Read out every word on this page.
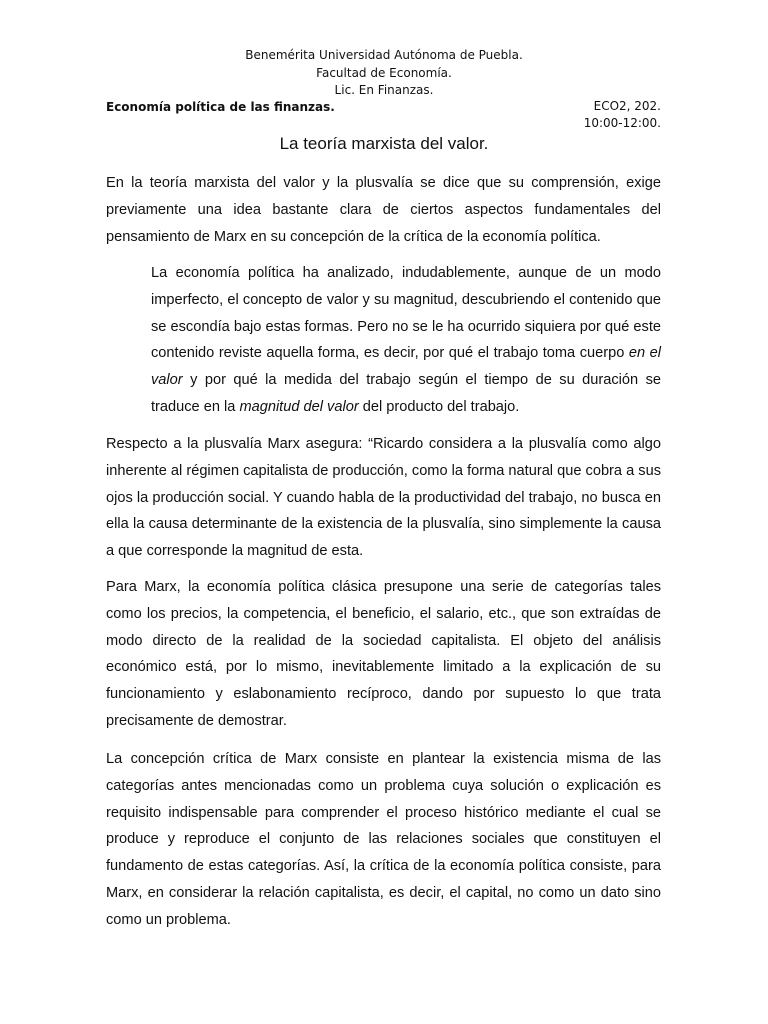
Benemérita Universidad Autónoma de Puebla.
Facultad de Economía.
Lic. En Finanzas.
Economía política de las finanzas.	ECO2, 202.
10:00-12:00.
La teoría marxista del valor.

En la teoría marxista del valor y la plusvalía se dice que su comprensión, exige previamente una idea bastante clara de ciertos aspectos fundamentales del pensamiento de Marx en su concepción de la crítica de la economía política.

La economía política ha analizado, indudablemente, aunque de un modo imperfecto, el concepto de valor y su magnitud, descubriendo el contenido que se escondía bajo estas formas. Pero no se le ha ocurrido siquiera por qué este contenido reviste aquella forma, es decir, por qué el trabajo toma cuerpo en el valor y por qué la medida del trabajo según el tiempo de su duración se traduce en la magnitud del valor del producto del trabajo.

Respecto a la plusvalía Marx asegura: “Ricardo considera a la plusvalía como algo inherente al régimen capitalista de producción, como la forma natural que cobra a sus ojos la producción social. Y cuando habla de la productividad del trabajo, no busca en ella la causa determinante de la existencia de la plusvalía, sino simplemente la causa a que corresponde la magnitud de esta.

Para Marx, la economía política clásica presupone una serie de categorías tales como los precios, la competencia, el beneficio, el salario, etc., que son extraídas de modo directo de la realidad de la sociedad capitalista. El objeto del análisis económico está, por lo mismo, inevitablemente limitado a la explicación de su funcionamiento y eslabonamiento recíproco, dando por supuesto lo que trata precisamente de demostrar.

La concepción crítica de Marx consiste en plantear la existencia misma de las categorías antes mencionadas como un problema cuya solución o explicación es requisito indispensable para comprender el proceso histórico mediante el cual se produce y reproduce el conjunto de las relaciones sociales que constituyen el fundamento de estas categorías. Así, la crítica de la economía política consiste, para Marx, en considerar la relación capitalista, es decir, el capital, no como un dato sino como un problema.
